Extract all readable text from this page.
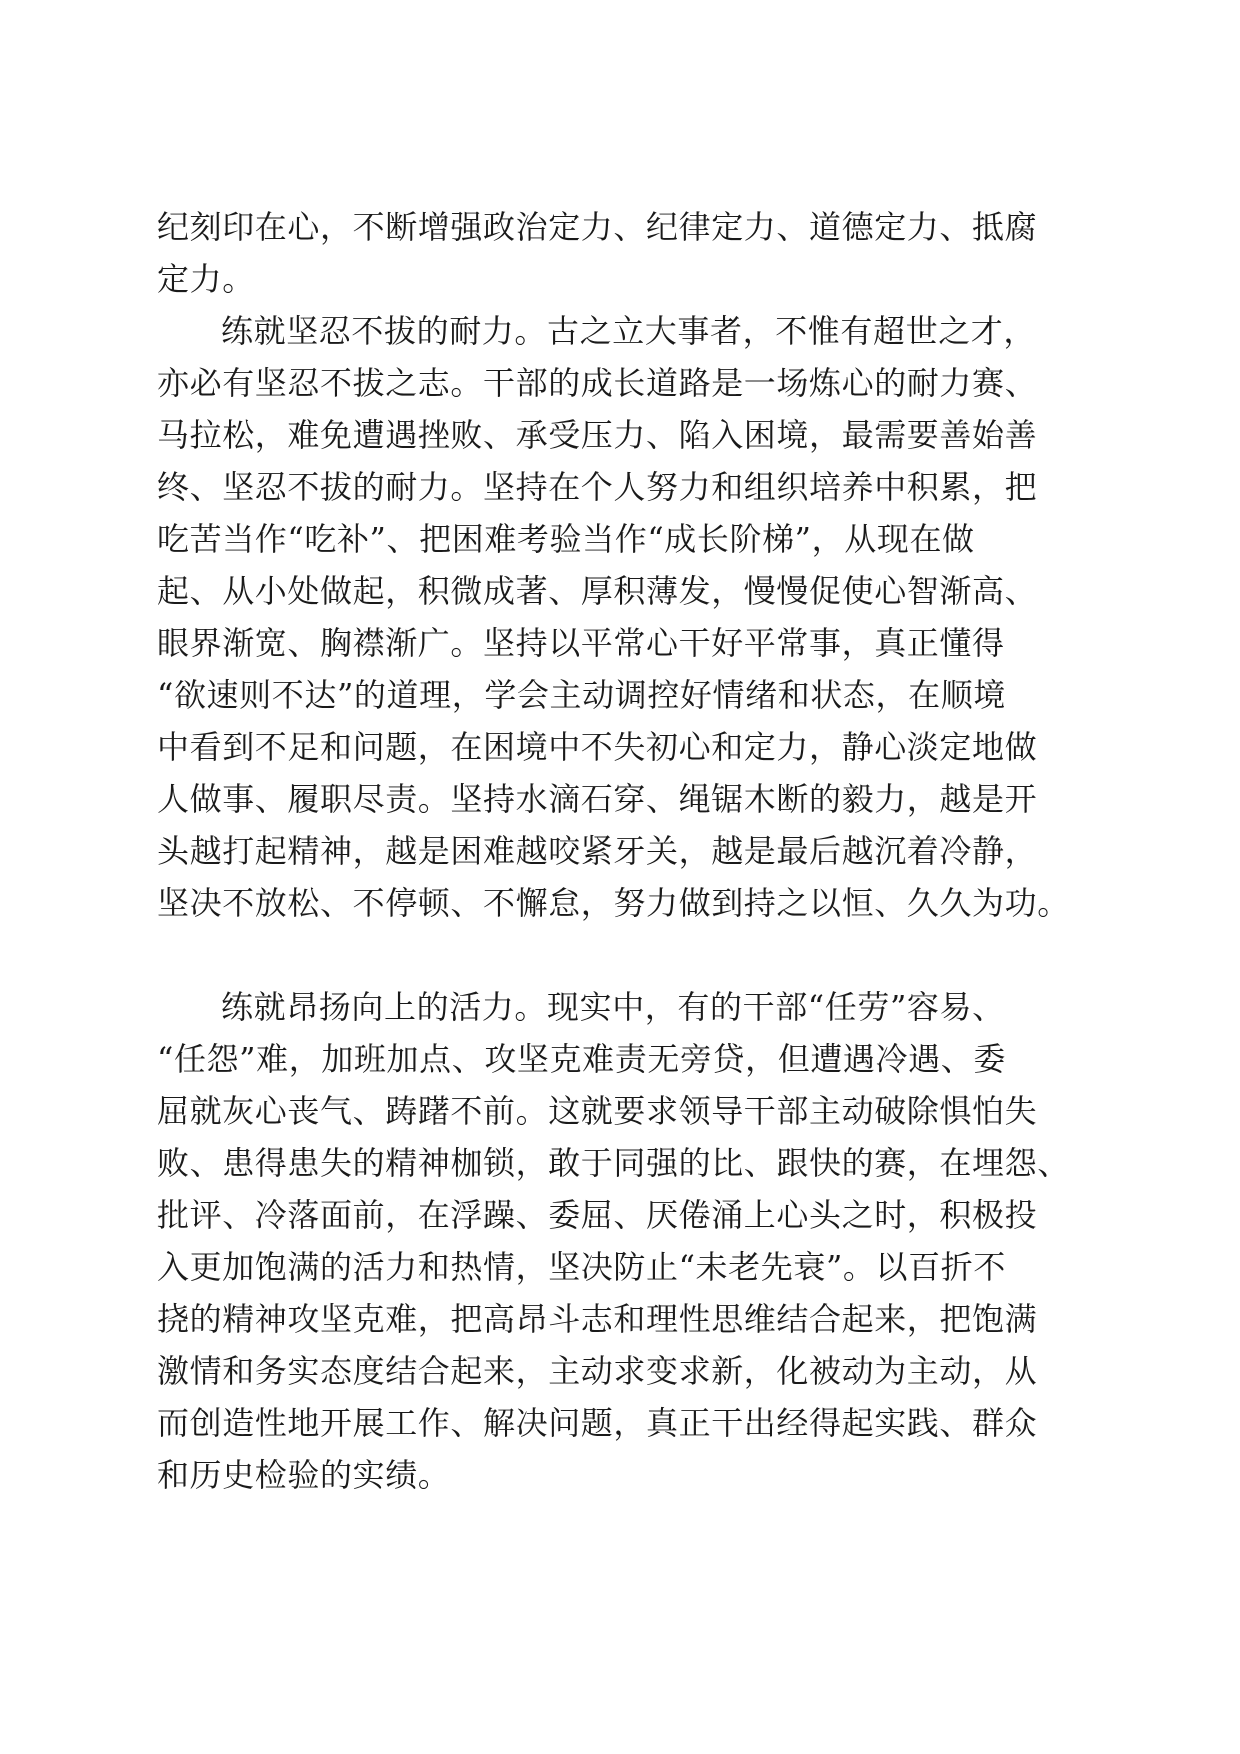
纪刻印在心，不断增强政治定力、纪律定力、道德定力、抵腐
定力。
练就坚忍不拔的耐力。古之立大事者，不惟有超世之才，
亦必有坚忍不拔之志。干部的成长道路是一场炼心的耐力赛、
马拉松，难免遭遇挫败、承受压力、陷入困境，最需要善始善
终、坚忍不拔的耐力。坚持在个人努力和组织培养中积累，把
吃苦当作“吃补”、把困难考验当作“成长阶梯”，从现在做
起、从小处做起，积微成著、厚积薄发，慢慢促使心智渐高、
眼界渐宽、胸襟渐广。坚持以平常心干好平常事，真正懂得
“欲速则不达”的道理，学会主动调控好情绪和状态，在顺境
中看到不足和问题，在困境中不失初心和定力，静心淡定地做
人做事、履职尽责。坚持水滴石穿、绳锯木断的毅力，越是开
头越打起精神，越是困难越咬紧牙关，越是最后越沉着冷静，
坚决不放松、不停顿、不懈怠，努力做到持之以恒、久久为功。
练就昂扬向上的活力。现实中，有的干部“任劳”容易、
“任怨”难，加班加点、攻坚克难责无旁贷，但遭遇冷遇、委
屈就灰心丧气、踌躇不前。这就要求领导干部主动破除惧怕失
败、患得患失的精神枷锁，敢于同强的比、跟快的赛，在埋怨、
批评、冷落面前，在浮躁、委屈、厌倦涌上心头之时，积极投
入更加饱满的活力和热情，坚决防止“未老先衰”。以百折不
挠的精神攻坚克难，把高昂斗志和理性思维结合起来，把饱满
激情和务实态度结合起来，主动求变求新，化被动为主动，从
而创造性地开展工作、解决问题，真正干出经得起实践、群众
和历史检验的实绩。
